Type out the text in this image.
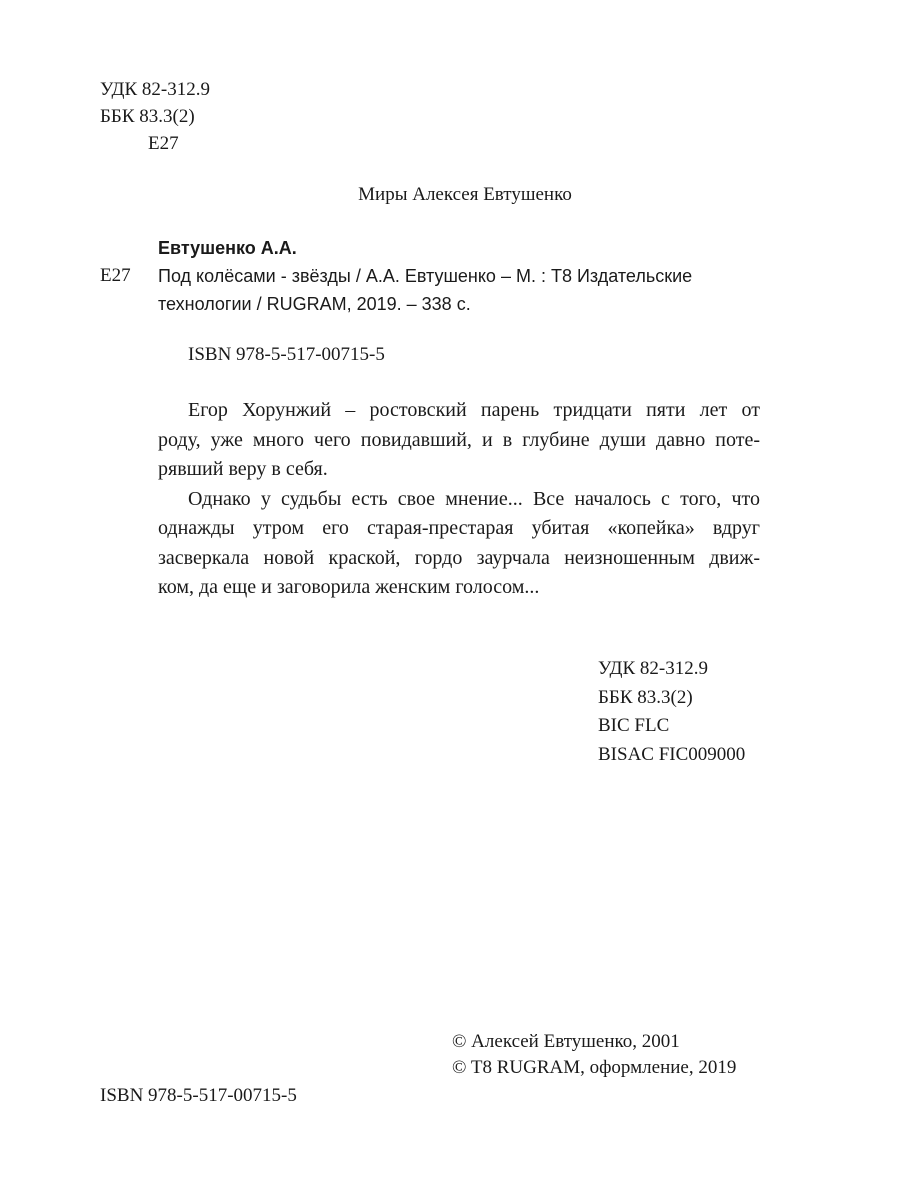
УДК 82-312.9
ББК 83.3(2)
Е27
Миры Алексея Евтушенко
Евтушенко А.А.
Е27 Под колёсами - звёзды / А.А. Евтушенко – М. : T8 Издательские
технологии / RUGRAM, 2019. – 338 с.
ISBN 978-5-517-00715-5
Егор Хорунжий – ростовский парень тридцати пяти лет от
роду, уже много чего повидавший, и в глубине души давно поте-
рявший веру в себя.
Однако у судьбы есть свое мнение... Все началось с того, что
однажды утром его старая-престарая убитая «копейка» вдруг
засверкала новой краской, гордо заурчала неизношенным движ-
ком, да еще и заговорила женским голосом...
УДК 82-312.9
ББК 83.3(2)
BIC FLC
BISAC FIC009000
ISBN 978-5-517-00715-5
© Алексей Евтушенко, 2001
© T8 RUGRAM, оформление, 2019
